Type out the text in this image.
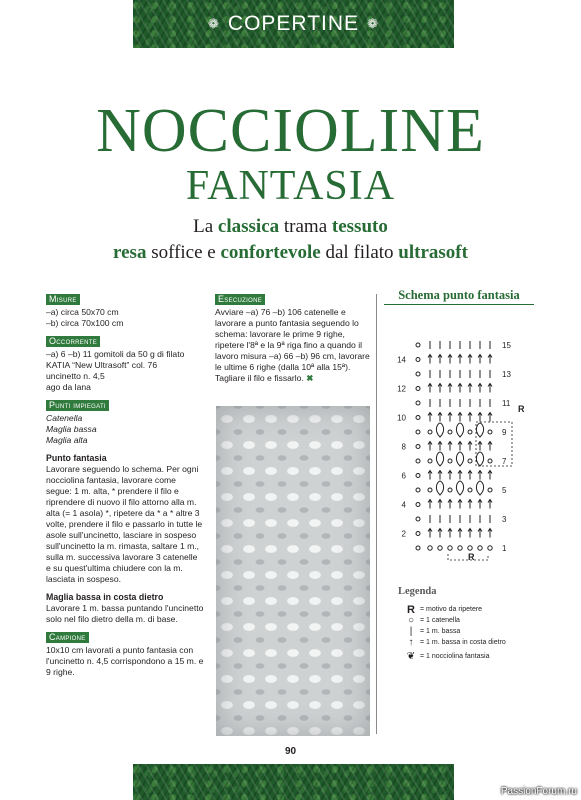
❁ COPERTINE ❁
NOCCIOLINE
FANTASIA
La classica trama tessuto
resa soffice e confortevole dal filato ultrasoft
Misure

–a) circa 50x70 cm

–b) circa 70x100 cm

Occorrente

–a) 6 –b) 11 gomitoli da 50 g di filato KATIA “New Ultrasoft” col. 76

uncinetto n. 4,5

ago da lana

Punti impiegati

Catenella

Maglia bassa

Maglia alta

Punto fantasia

Lavorare seguendo lo schema. Per ogni nocciolina fantasia, lavorare come segue: 1 m. alta, * prendere il filo e riprendere di nuovo il filo attorno alla m. alta (= 1 asola) *, ripetere da * a * altre 3 volte, prendere il filo e passarlo in tutte le asole sull'uncinetto, lasciare in sospeso sull'uncinetto la m. rimasta, saltare 1 m., sulla m. successiva lavorare 3 catenelle e su quest'ultima chiudere con la m. lasciata in sospeso.

Maglia bassa in costa dietro

Lavorare 1 m. bassa puntando l'uncinetto solo nel filo dietro della m. di base.

Campione

10x10 cm lavorati a punto fantasia con l'uncinetto n. 4,5 corrispondono a 15 m. e 9 righe.

Esecuzione

Avviare –a) 76 –b) 106 catenelle e lavorare a punto fantasia seguendo lo schema: lavorare le prime 9 righe, ripetere l'8ª e la 9ª riga fino a quando il lavoro misura –a) 66 –b) 96 cm, lavorare le ultime 6 righe (dalla 10ª alla 15ª). Tagliare il filo e fissarlo. ✖

Schema punto fantasia
14
12
10
8
6
4
2
15
13
11
9
7
5
3
1
R
R
Legenda
R = motivo da ripetere
○ = 1 catenella
|	= 1 m. bassa
↑ = 1 m. bassa in costa dietro
❦ = 1 nocciolina fantasia
90
PassionForum.ru
